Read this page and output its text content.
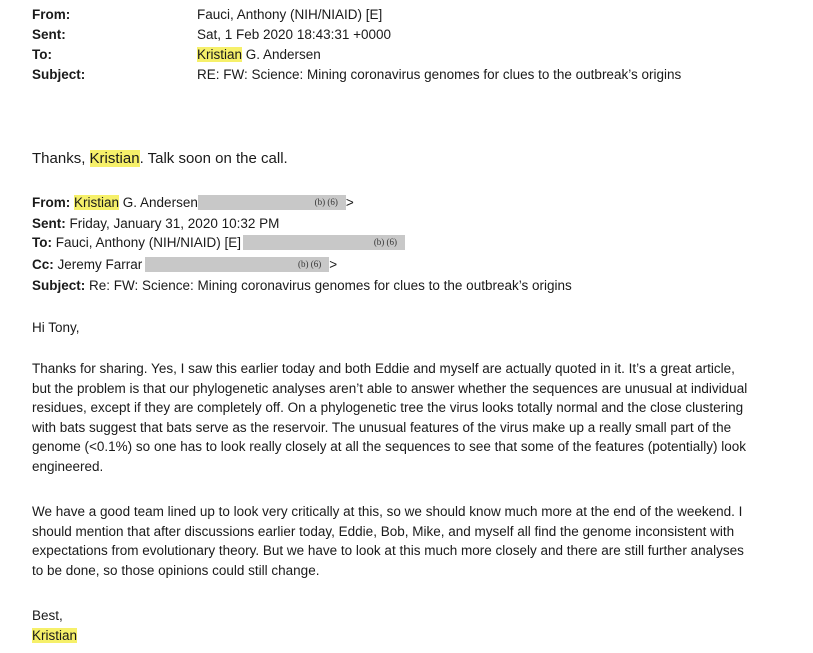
From:	Fauci, Anthony (NIH/NIAID) [E]
Sent:	Sat, 1 Feb 2020 18:43:31 +0000
To:	Kristian G. Andersen
Subject:	RE: FW: Science: Mining coronavirus genomes for clues to the outbreak’s origins
Thanks, Kristian. Talk soon on the call.
From: Kristian G. Andersen	(b) (6) >
Sent: Friday, January 31, 2020 10:32 PM
To: Fauci, Anthony (NIH/NIAID) [E]	(b) (6)
Cc: Jeremy Farrar	(b) (6) >
Subject: Re: FW: Science: Mining coronavirus genomes for clues to the outbreak’s origins
Hi Tony,

Thanks for sharing. Yes, I saw this earlier today and both Eddie and myself are actually quoted in it. It’s a great article, but the problem is that our phylogenetic analyses aren’t able to answer whether the sequences are unusual at individual residues, except if they are completely off. On a phylogenetic tree the virus looks totally normal and the close clustering with bats suggest that bats serve as the reservoir. The unusual features of the virus make up a really small part of the genome (<0.1%) so one has to look really closely at all the sequences to see that some of the features (potentially) look engineered.

We have a good team lined up to look very critically at this, so we should know much more at the end of the weekend. I should mention that after discussions earlier today, Eddie, Bob, Mike, and myself all find the genome inconsistent with expectations from evolutionary theory. But we have to look at this much more closely and there are still further analyses to be done, so those opinions could still change.

Best,
Kristian
